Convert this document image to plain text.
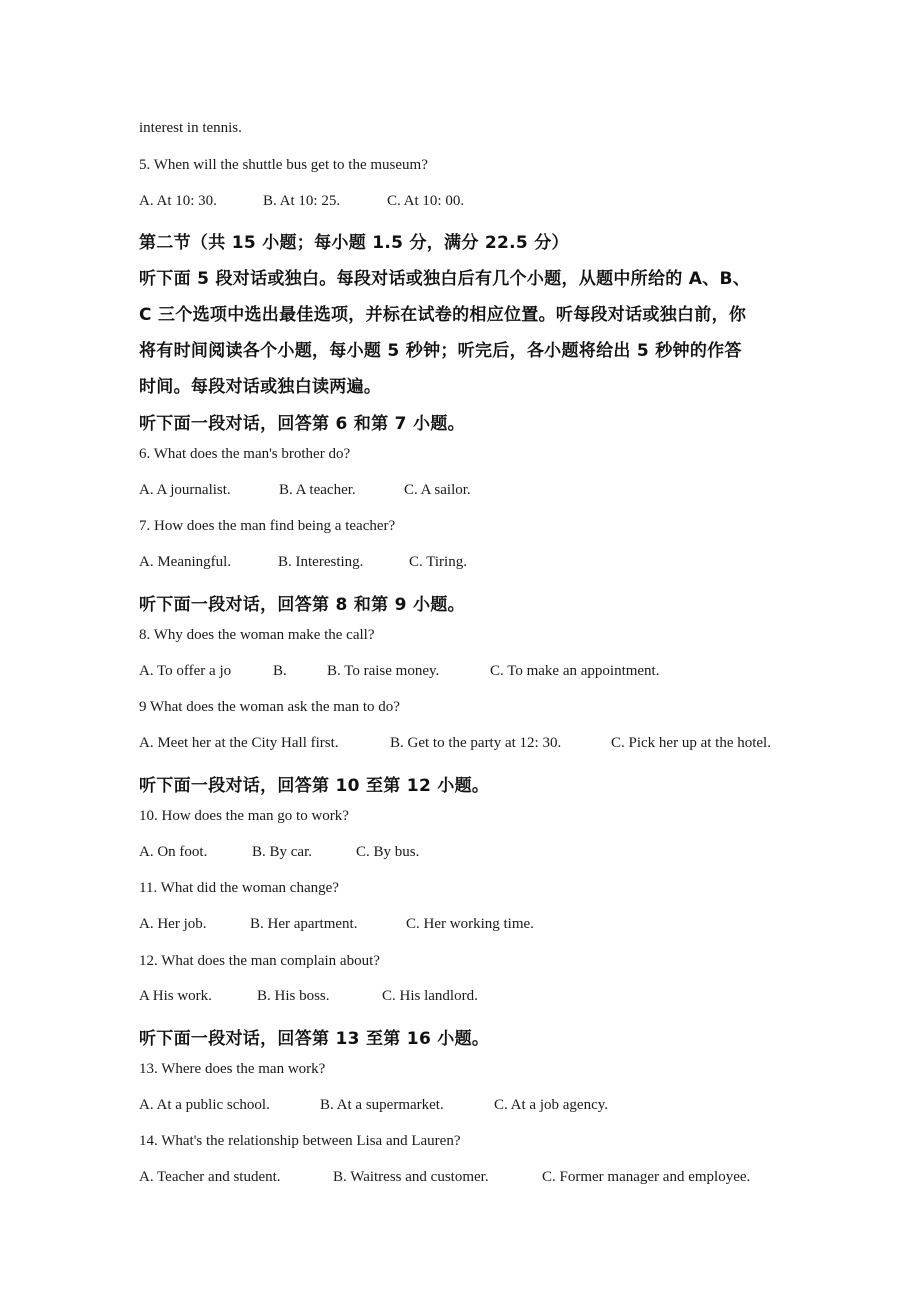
interest in tennis.
5. When will the shuttle bus get to the museum?
A. At 10: 30.	B. At 10: 25.	C. At 10: 00.
第二节（共 15 小题；每小题 1.5 分，满分 22.5 分）
听下面 5 段对话或独白。每段对话或独白后有几个小题，从题中所给的 A、B、
C 三个选项中选出最佳选项，并标在试卷的相应位置。听每段对话或独白前，你
将有时间阅读各个小题，每小题 5 秒钟；听完后，各小题将给出 5 秒钟的作答
时间。每段对话或独白读两遍。
听下面一段对话，回答第 6 和第 7 小题。
6. What does the man's brother do?
A. A journalist.	B. A teacher.	C. A sailor.
7. How does the man find being a teacher?
A. Meaningful.	B. Interesting.	C. Tiring.
听下面一段对话，回答第 8 和第 9 小题。
8. Why does the woman make the call?
A. To offer a jo	B.	B. To raise money.	C. To make an appointment.
9 What does the woman ask the man to do?
A. Meet her at the City Hall first.	B. Get to the party at 12: 30.	C. Pick her up at the hotel.
听下面一段对话，回答第 10 至第 12 小题。
10. How does the man go to work?
A. On foot.	B. By car.	C. By bus.
11. What did the woman change?
A. Her job.	B. Her apartment.	C. Her working time.
12. What does the man complain about?
A His work.	B. His boss.	C. His landlord.
听下面一段对话，回答第 13 至第 16 小题。
13. Where does the man work?
A. At a public school.	B. At a supermarket.	C. At a job agency.
14. What's the relationship between Lisa and Lauren?
A. Teacher and student.	B. Waitress and customer.	C. Former manager and employee.
